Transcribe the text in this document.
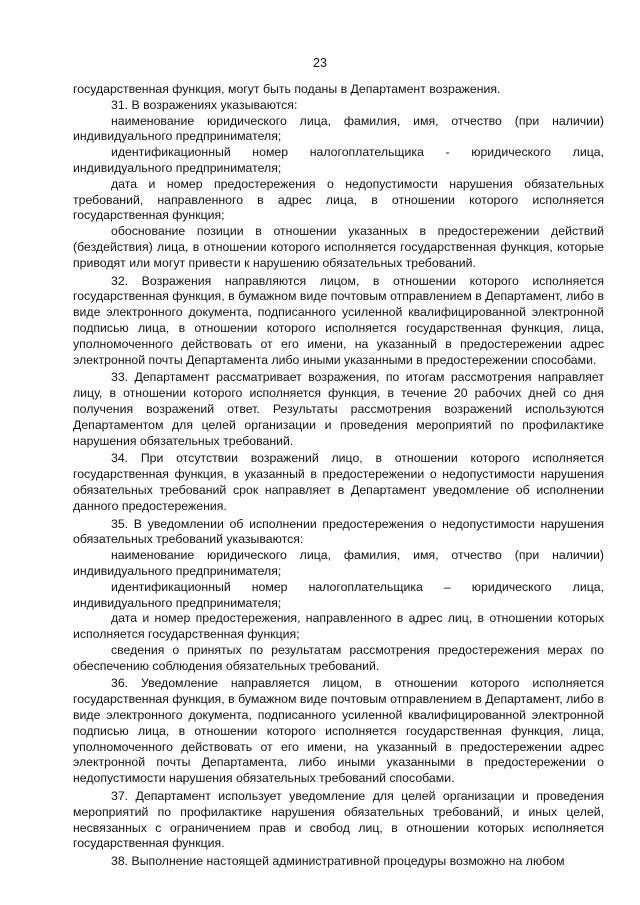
23

государственная функция, могут быть поданы в Департамент возражения.

31. В возражениях указываются:

наименование юридического лица, фамилия, имя, отчество (при наличии) индивидуального предпринимателя;

идентификационный номер налогоплательщика - юридического лица, индивидуального предпринимателя;

дата и номер предостережения о недопустимости нарушения обязательных требований, направленного в адрес лица, в отношении которого исполняется государственная функция;

обоснование позиции в отношении указанных в предостережении действий (бездействия) лица, в отношении которого исполняется государственная функция, которые приводят или могут привести к нарушению обязательных требований.

32. Возражения направляются лицом, в отношении которого исполняется государственная функция, в бумажном виде почтовым отправлением в Департамент, либо в виде электронного документа, подписанного усиленной квалифицированной электронной подписью лица, в отношении которого исполняется государственная функция, лица, уполномоченного действовать от его имени, на указанный в предостережении адрес электронной почты Департамента либо иными указанными в предостережении способами.

33. Департамент рассматривает возражения, по итогам рассмотрения направляет лицу, в отношении которого исполняется функция, в течение 20 рабочих дней со дня получения возражений ответ. Результаты рассмотрения возражений используются Департаментом для целей организации и проведения мероприятий по профилактике нарушения обязательных требований.

34. При отсутствии возражений лицо, в отношении которого исполняется государственная функция, в указанный в предостережении о недопустимости нарушения обязательных требований срок направляет в Департамент уведомление об исполнении данного предостережения.

35. В уведомлении об исполнении предостережения о недопустимости нарушения обязательных требований указываются:

наименование юридического лица, фамилия, имя, отчество (при наличии) индивидуального предпринимателя;

идентификационный номер налогоплательщика – юридического лица, индивидуального предпринимателя;

дата и номер предостережения, направленного в адрес лиц, в отношении которых исполняется государственная функция;

сведения о принятых по результатам рассмотрения предостережения мерах по обеспечению соблюдения обязательных требований.

36. Уведомление направляется лицом, в отношении которого исполняется государственная функция, в бумажном виде почтовым отправлением в Департамент, либо в виде электронного документа, подписанного усиленной квалифицированной электронной подписью лица, в отношении которого исполняется государственная функция, лица, уполномоченного действовать от его имени, на указанный в предостережении адрес электронной почты Департамента, либо иными указанными в предостережении о недопустимости нарушения обязательных требований способами.

37. Департамент использует уведомление для целей организации и проведения мероприятий по профилактике нарушения обязательных требований, и иных целей, несвязанных с ограничением прав и свобод лиц, в отношении которых исполняется государственная функция.

38. Выполнение настоящей административной процедуры возможно на любом
